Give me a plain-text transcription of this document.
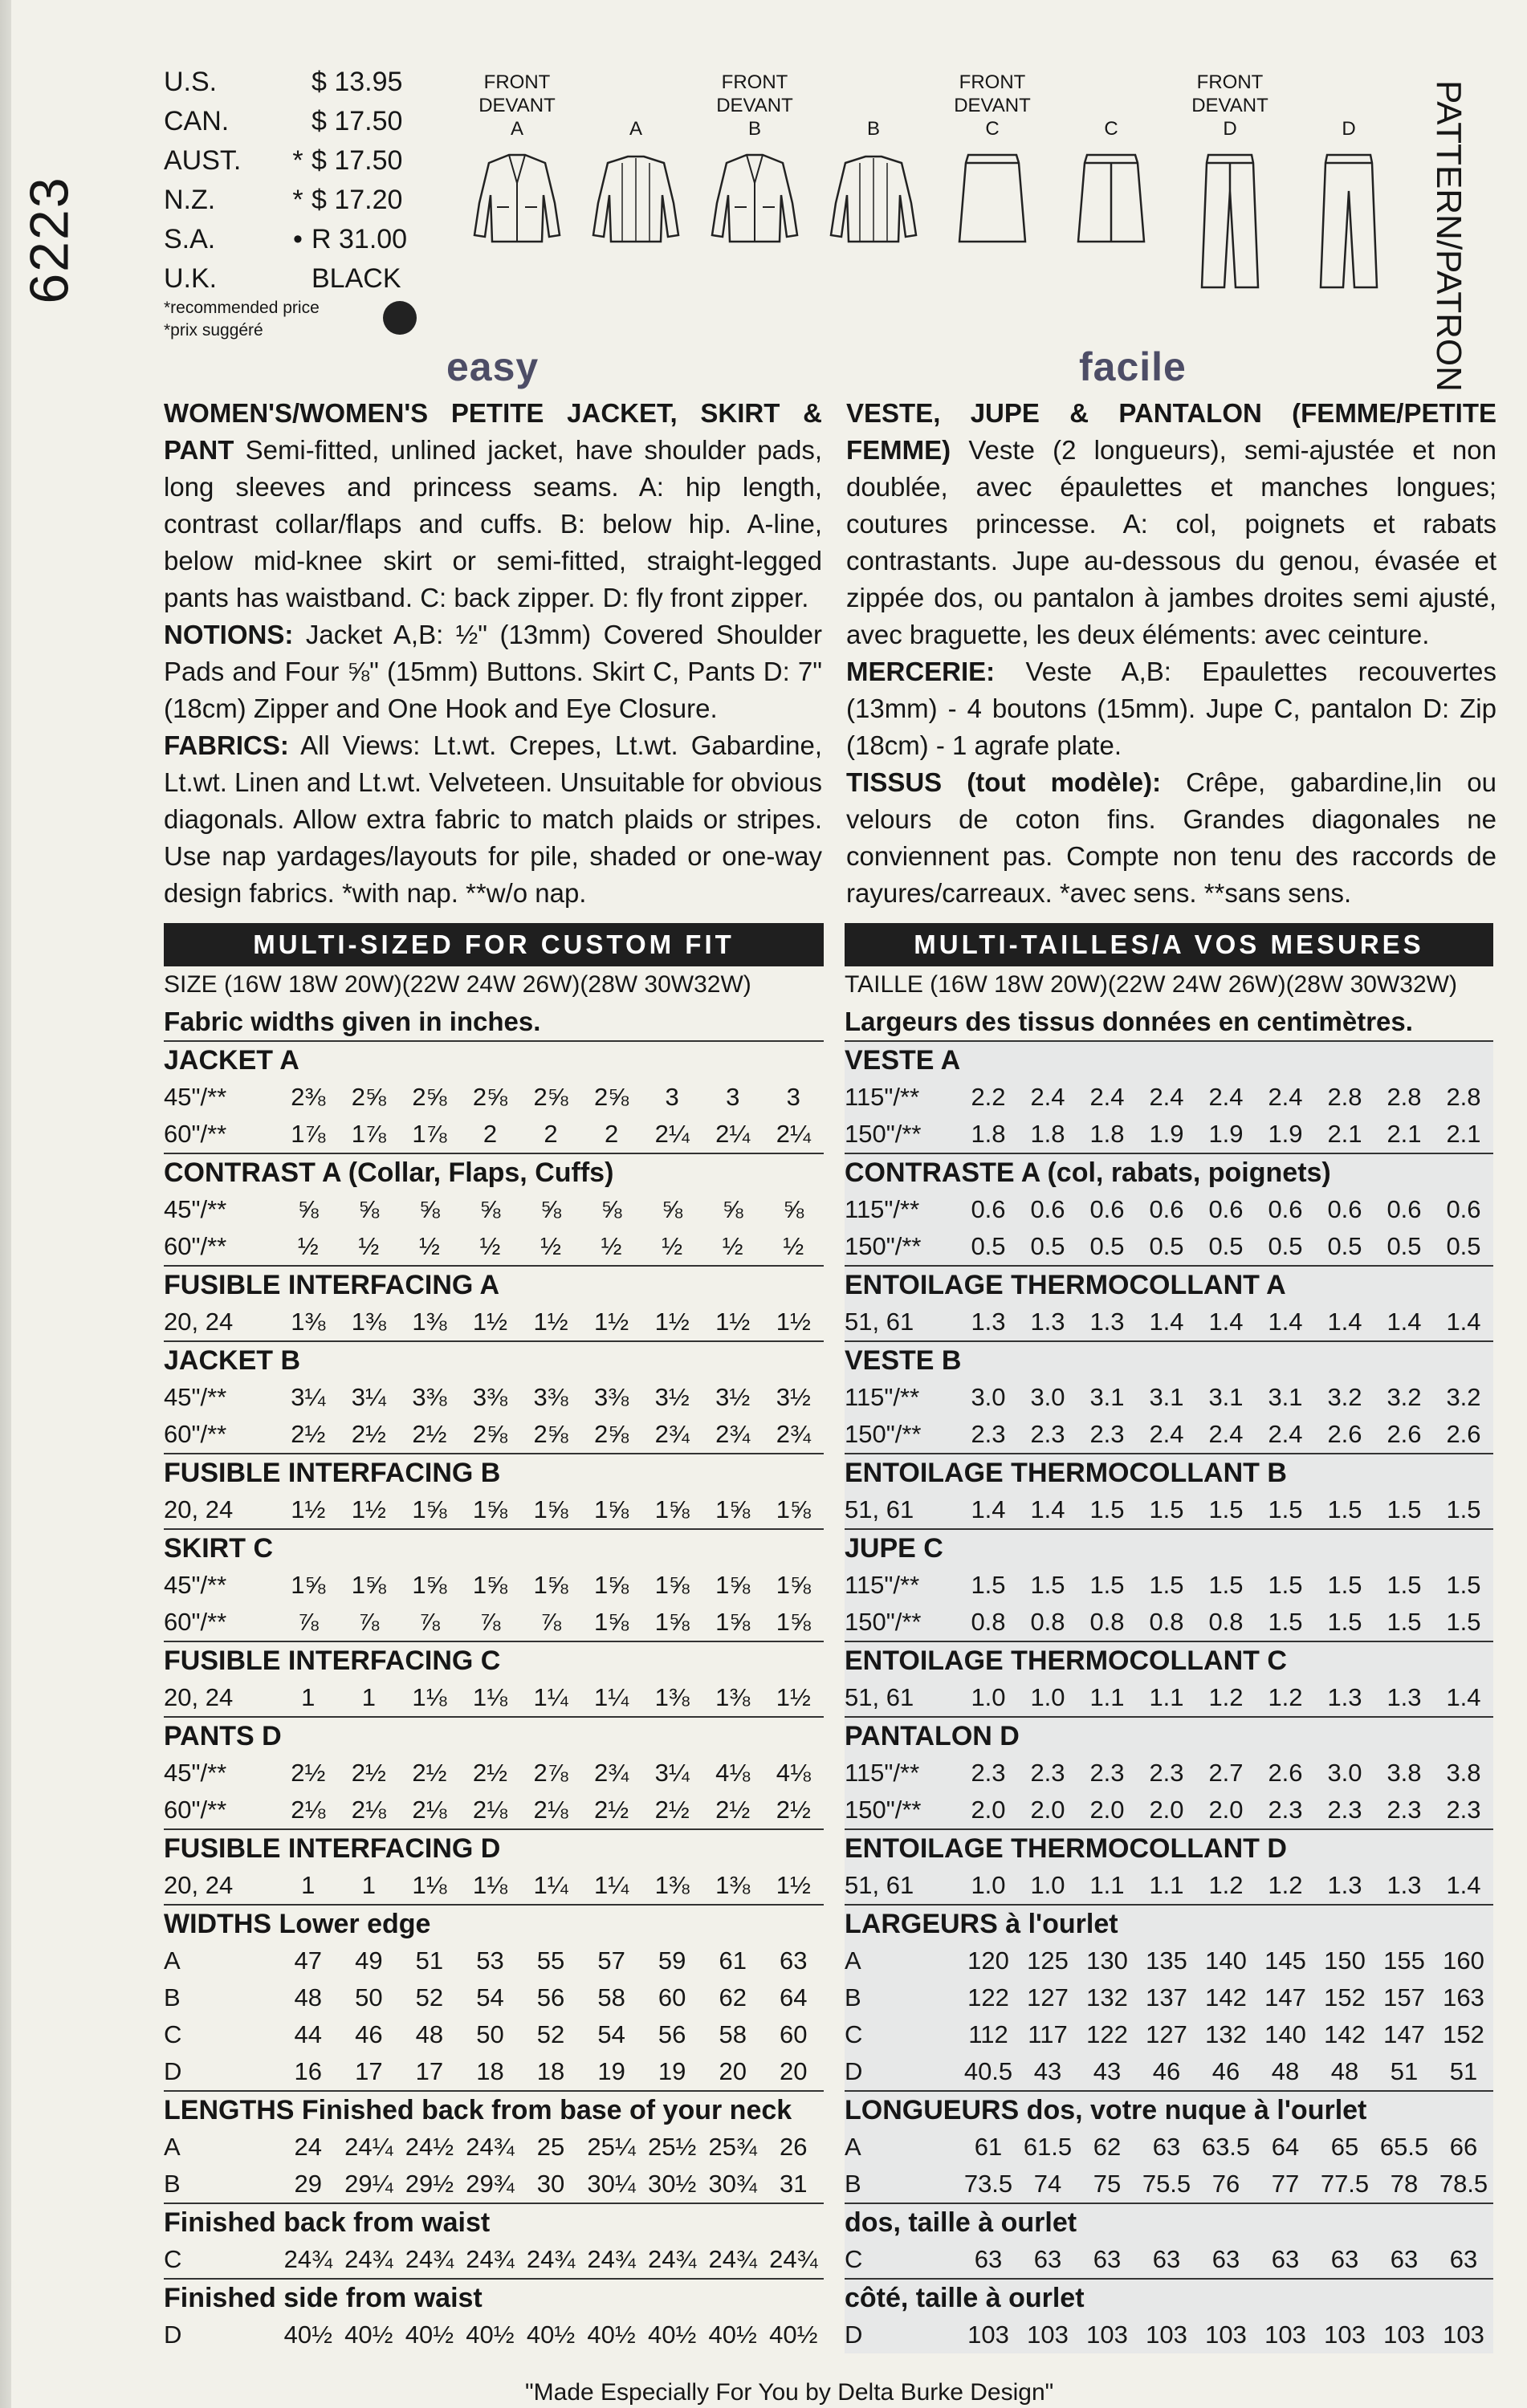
6223	PATTERN/PATRON
U.S.	$ 13.95
CAN.	$ 17.50
AUST.	* $ 17.50
N.Z.	* $ 17.20
S.A.	• R 31.00
U.K.	BLACK
*recommended price
*prix suggéré
FRONT
DEVANT
A	A
FRONT
DEVANT
B	B
FRONT
DEVANT
C	C
FRONT
DEVANT
D	D
easy	facile

WOMEN'S/WOMEN'S PETITE JACKET, SKIRT & PANT Semi-fitted, unlined jacket, have shoulder pads, long sleeves and princess seams. A: hip length, contrast collar/flaps and cuffs. B: below hip. A-line, below mid-knee skirt or semi-fitted, straight-legged pants has waistband. C: back zipper. D: fly front zipper.

NOTIONS: Jacket A,B: ½" (13mm) Covered Shoulder Pads and Four ⅝" (15mm) Buttons. Skirt C, Pants D: 7" (18cm) Zipper and One Hook and Eye Closure.

FABRICS: All Views: Lt.wt. Crepes, Lt.wt. Gabardine, Lt.wt. Linen and Lt.wt. Velveteen. Unsuitable for obvious diagonals. Allow extra fabric to match plaids or stripes. Use nap yardages/layouts for pile, shaded or one-way design fabrics. *with nap. **w/o nap.

VESTE, JUPE & PANTALON (FEMME/PETITE FEMME) Veste (2 longueurs), semi-ajustée et non doublée, avec épaulettes et manches longues; coutures princesse. A: col, poignets et rabats contrastants. Jupe au-dessous du genou, évasée et zippée dos, ou pantalon à jambes droites semi ajusté, avec braguette, les deux éléments: avec ceinture.

MERCERIE: Veste A,B: Epaulettes recouvertes (13mm) - 4 boutons (15mm). Jupe C, pantalon D: Zip (18cm) - 1 agrafe plate.

TISSUS (tout modèle): Crêpe, gabardine,lin ou velours de coton fins. Grandes diagonales ne conviennent pas. Compte non tenu des raccords de rayures/carreaux. *avec sens. **sans sens.

MULTI-SIZED FOR CUSTOM FIT
SIZE (16W 18W 20W)(22W 24W 26W)(28W 30W32W)
Fabric widths given in inches.
JACKET A
45"/**	2⅜	2⅝	2⅝	2⅝	2⅝	2⅝	3	3	3
60"/**	1⅞	1⅞	1⅞	2	2	2	2¼	2¼	2¼
CONTRAST A (Collar, Flaps, Cuffs)
45"/**	⅝	⅝	⅝	⅝	⅝	⅝	⅝	⅝	⅝
60"/**	½	½	½	½	½	½	½	½	½
FUSIBLE INTERFACING A
20, 24	1⅜	1⅜	1⅜	1½	1½	1½	1½	1½	1½
JACKET B
45"/**	3¼	3¼	3⅜	3⅜	3⅜	3⅜	3½	3½	3½
60"/**	2½	2½	2½	2⅝	2⅝	2⅝	2¾	2¾	2¾
FUSIBLE INTERFACING B
20, 24	1½	1½	1⅝	1⅝	1⅝	1⅝	1⅝	1⅝	1⅝
SKIRT C
45"/**	1⅝	1⅝	1⅝	1⅝	1⅝	1⅝	1⅝	1⅝	1⅝
60"/**	⅞	⅞	⅞	⅞	⅞	1⅝	1⅝	1⅝	1⅝
FUSIBLE INTERFACING C
20, 24	1	1	1⅛	1⅛	1¼	1¼	1⅜	1⅜	1½
PANTS D
45"/**	2½	2½	2½	2½	2⅞	2¾	3¼	4⅛	4⅛
60"/**	2⅛	2⅛	2⅛	2⅛	2⅛	2½	2½	2½	2½
FUSIBLE INTERFACING D
20, 24	1	1	1⅛	1⅛	1¼	1¼	1⅜	1⅜	1½
WIDTHS Lower edge
A	47	49	51	53	55	57	59	61	63
B	48	50	52	54	56	58	60	62	64
C	44	46	48	50	52	54	56	58	60
D	16	17	17	18	18	19	19	20	20
LENGTHS Finished back from base of your neck
A	24 24¼ 24½ 24¾ 25 25¼ 25½ 25¾ 26
B	29 29¼ 29½ 29¾ 30 30¼ 30½ 30¾ 31
Finished back from waist
C	24¾ 24¾ 24¾ 24¾ 24¾ 24¾ 24¾ 24¾ 24¾
Finished side from waist
D	40½ 40½ 40½ 40½ 40½ 40½ 40½ 40½ 40½
MULTI-TAILLES/A VOS MESURES
TAILLE (16W 18W 20W)(22W 24W 26W)(28W 30W32W)
Largeurs des tissus données en centimètres.
VESTE A
115"/**	2.2 2.4 2.4 2.4 2.4 2.4 2.8 2.8 2.8
150"/**	1.8 1.8 1.8 1.9 1.9 1.9 2.1 2.1 2.1
CONTRASTE A (col, rabats, poignets)
115"/**	0.6 0.6 0.6 0.6 0.6 0.6 0.6 0.6 0.6
150"/**	0.5 0.5 0.5 0.5 0.5 0.5 0.5 0.5 0.5
ENTOILAGE THERMOCOLLANT A
51, 61	1.3 1.3 1.3 1.4 1.4 1.4 1.4 1.4 1.4
VESTE B
115"/**	3.0 3.0 3.1 3.1 3.1 3.1 3.2 3.2 3.2
150"/**	2.3 2.3 2.3 2.4 2.4 2.4 2.6 2.6 2.6
ENTOILAGE THERMOCOLLANT B
51, 61	1.4 1.4 1.5 1.5 1.5 1.5 1.5 1.5 1.5
JUPE C
115"/**	1.5 1.5 1.5 1.5 1.5 1.5 1.5 1.5 1.5
150"/**	0.8 0.8 0.8 0.8 0.8 1.5 1.5 1.5 1.5
ENTOILAGE THERMOCOLLANT C
51, 61	1.0 1.0 1.1 1.1 1.2 1.2 1.3 1.3 1.4
PANTALON D
115"/**	2.3 2.3 2.3 2.3 2.7 2.6 3.0 3.8 3.8
150"/**	2.0 2.0 2.0 2.0 2.0 2.3 2.3 2.3 2.3
ENTOILAGE THERMOCOLLANT D
51, 61	1.0 1.0 1.1 1.1 1.2 1.2 1.3 1.3 1.4
LARGEURS à l'ourlet
A	120 125 130 135 140 145 150 155 160
B	122 127 132 137 142 147 152 157 163
C	112 117 122 127 132 140 142 147 152
D	40.5 43	43	46	46	48	48	51	51
LONGUEURS dos, votre nuque à l'ourlet
A	61 61.5 62	63 63.5 64	65 65.5 66
B	73.5 74	75 75.5 76	77 77.5 78 78.5
dos, taille à ourlet
C	63	63	63	63	63	63	63	63	63
côté, taille à ourlet
D	103 103 103 103 103 103 103 103 103
"Made Especially For You by Delta Burke Design"
